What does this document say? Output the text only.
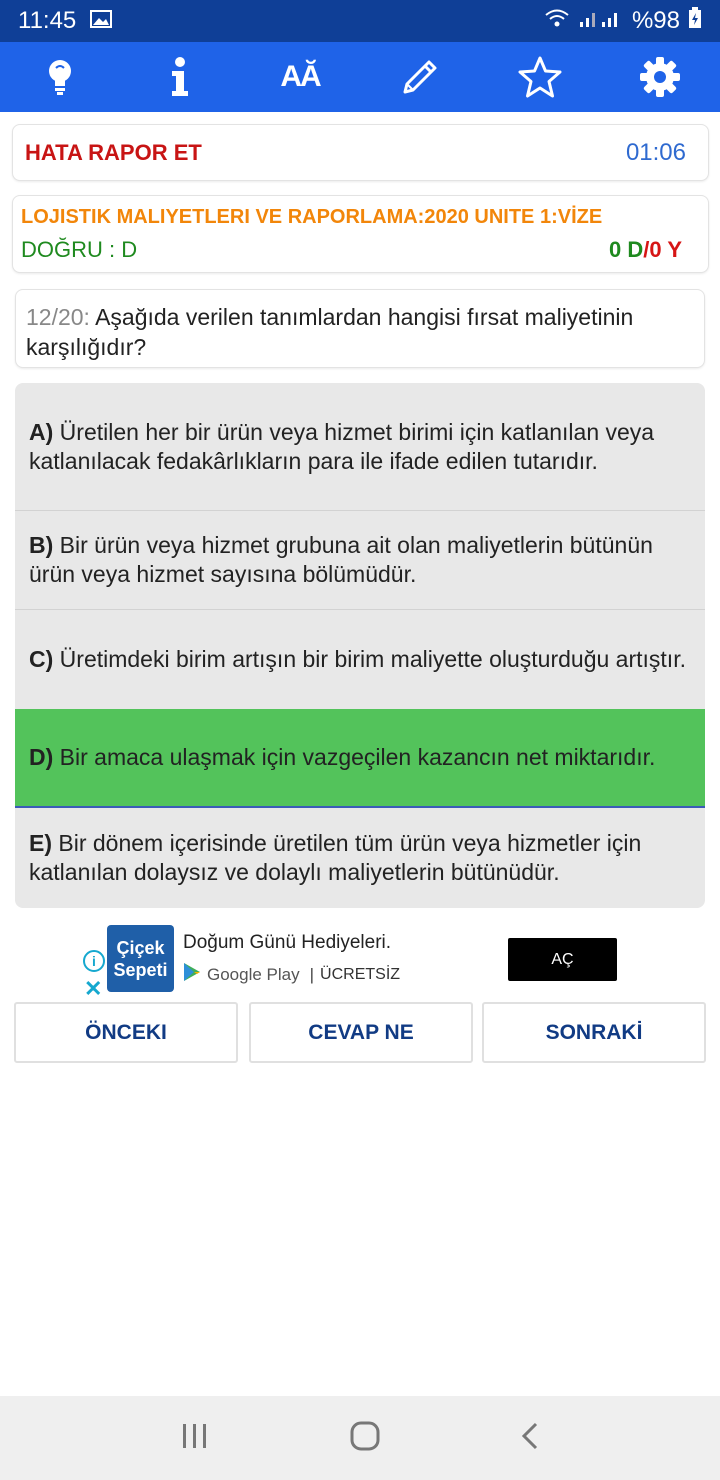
11:45	%98
AĂ
HATA RAPOR ET	01:06
LOJISTIK MALIYETLERI VE RAPORLAMA:2020 UNITE 1:VİZE
DOĞRU : D	0 D/0 Y
12/20: Aşağıda verilen tanımlardan hangisi fırsat maliyetinin karşılığıdır?
A) Üretilen her bir ürün veya hizmet birimi için katlanılan veya katlanılacak fedakârlıkların para ile ifade edilen tutarıdır.
B) Bir ürün veya hizmet grubuna ait olan maliyetlerin bütünün ürün veya hizmet sayısına bölümüdür.
C) Üretimdeki birim artışın bir birim maliyette oluşturduğu artıştır.
D) Bir amaca ulaşmak için vazgeçilen kazancın net miktarıdır.
E) Bir dönem içerisinde üretilen tüm ürün veya hizmetler için katlanılan dolaysız ve dolaylı maliyetlerin bütünüdür.
i
✕
Çiçek
Sepeti
Doğum Günü Hediyeleri.
Google Play | ÜCRETSİZ
AÇ
ÖNCEKI	CEVAP NE	SONRAKİ
